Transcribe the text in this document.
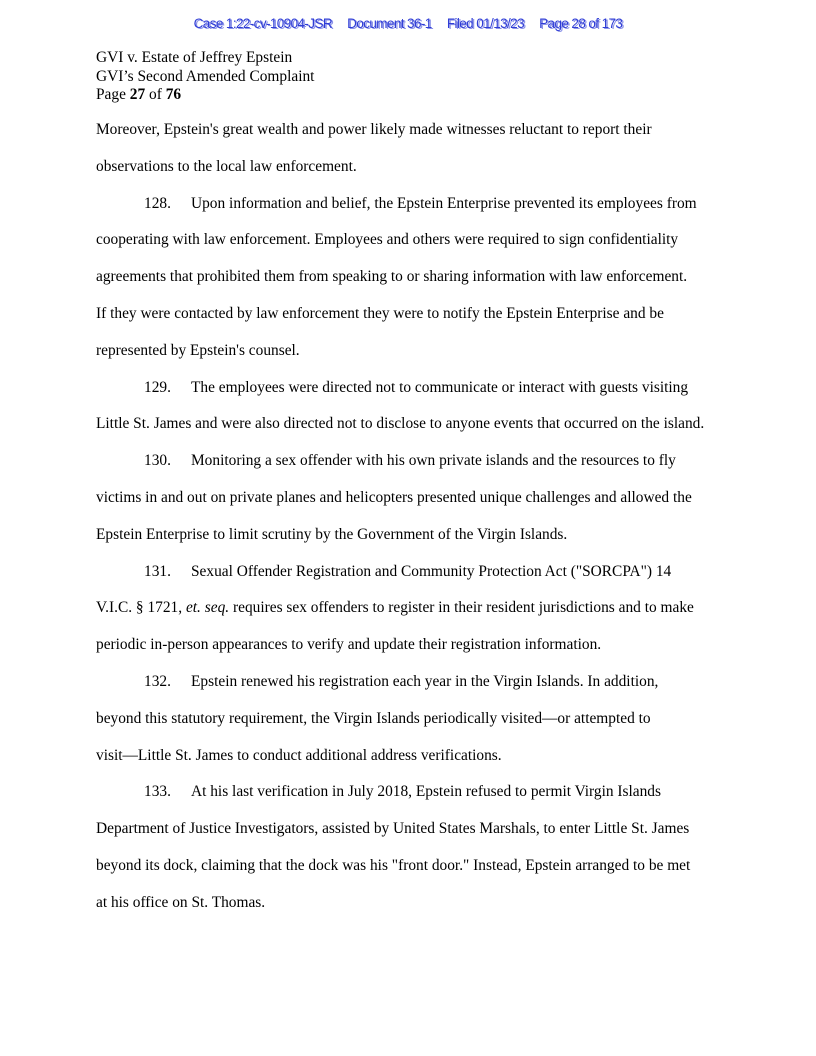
Case 1:22-cv-10904-JSR Case 1:22-cv-10904-JSR Document 36-1 Document 36-1 Filed 01/13/23 Filed 01/13/23 Page 28 of 173 Page 28 of 173
GVI v. Estate of Jeffrey Epstein
GVI’s Second Amended Complaint
Page 27 of 76
Moreover, Epstein's great wealth and power likely made witnesses reluctant to report their
observations to the local law enforcement.
128. Upon information and belief, the Epstein Enterprise prevented its employees from
cooperating with law enforcement. Employees and others were required to sign confidentiality
agreements that prohibited them from speaking to or sharing information with law enforcement.
If they were contacted by law enforcement they were to notify the Epstein Enterprise and be
represented by Epstein's counsel.
129. The employees were directed not to communicate or interact with guests visiting
Little St. James and were also directed not to disclose to anyone events that occurred on the island.
130. Monitoring a sex offender with his own private islands and the resources to fly
victims in and out on private planes and helicopters presented unique challenges and allowed the
Epstein Enterprise to limit scrutiny by the Government of the Virgin Islands.
131. Sexual Offender Registration and Community Protection Act ("SORCPA") 14
V.I.C. § 1721, et. seq. requires sex offenders to register in their resident jurisdictions and to make
periodic in-person appearances to verify and update their registration information.
132. Epstein renewed his registration each year in the Virgin Islands. In addition,
beyond this statutory requirement, the Virgin Islands periodically visited—or attempted to
visit—Little St. James to conduct additional address verifications.
133. At his last verification in July 2018, Epstein refused to permit Virgin Islands
Department of Justice Investigators, assisted by United States Marshals, to enter Little St. James
beyond its dock, claiming that the dock was his "front door." Instead, Epstein arranged to be met
at his office on St. Thomas.
